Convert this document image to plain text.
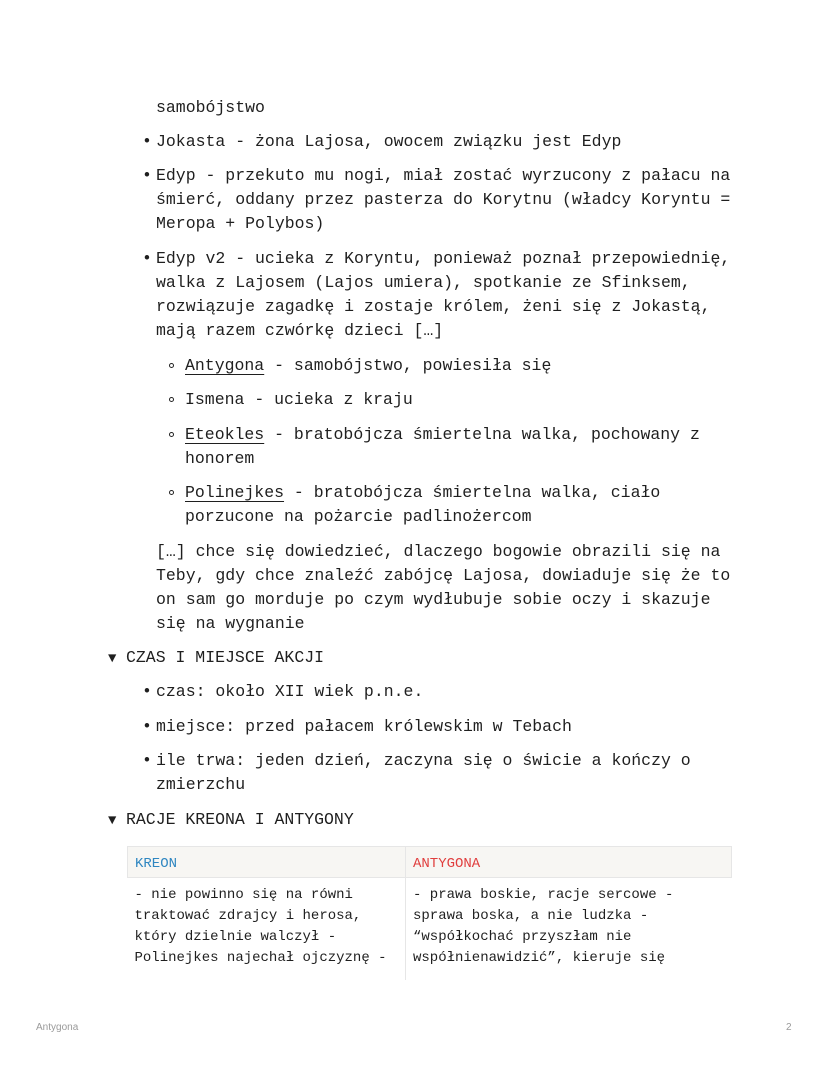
samobójstwo
• Jokasta - żona Lajosa, owocem związku jest Edyp
• Edyp - przekuto mu nogi, miał zostać wyrzucony z pałacu na śmierć, oddany przez pasterza do Korytnu (władcy Koryntu = Meropa + Polybos)
• Edyp v2 - ucieka z Koryntu, ponieważ poznał przepowiednię, walka z Lajosem (Lajos umiera), spotkanie ze Sfinksem, rozwiązuje zagadkę i zostaje królem, żeni się z Jokastą, mają razem czwórkę dzieci […]
Antygona - samobójstwo, powiesiła się
Ismena - ucieka z kraju
Eteokles - bratobójcza śmiertelna walka, pochowany z honorem
Polinejkes - bratobójcza śmiertelna walka, ciało porzucone na pożarcie padlinożercom
[…] chce się dowiedzieć, dlaczego bogowie obrazili się na Teby, gdy chce znaleźć zabójcę Lajosa, dowiaduje się że to on sam go morduje po czym wydłubuje sobie oczy i skazuje się na wygnanie
▼ CZAS I MIEJSCE AKCJI
• czas: około XII wiek p.n.e.
• miejsce: przed pałacem królewskim w Tebach
• ile trwa: jeden dzień, zaczyna się o świcie a kończy o zmierzchu
▼ RACJE KREONA I ANTYGONY
KREON	ANTYGONA
- nie powinno się na równi traktować zdrajcy i herosa, który dzielnie walczył - Polinejkes najechał ojczyznę -	- prawa boskie, racje sercowe - sprawa boska, a nie ludzka - “współkochać przyszłam nie współnienawidzić”, kieruje się
Antygona	2
